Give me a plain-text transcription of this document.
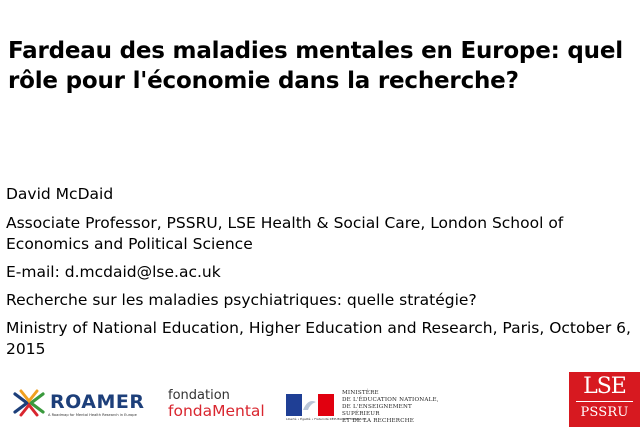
Fardeau des maladies mentales en Europe: quel
rôle pour l'économie dans la recherche?

David McDaid

Associate Professor, PSSRU, LSE Health & Social Care, London School of Economics and Political Science

E-mail: d.mcdaid@lse.ac.uk

Recherche sur les maladies psychiatriques: quelle stratégie?

Ministry of National Education, Higher Education and Research, Paris, October 6, 2015

ROAMER
A Roadmap for Mental Health Research in Europe
fondation
fondaMental	Liberté • Égalité • Fraternité RÉPUBLIQUE FRANÇAISE
MINISTÈRE
DE L'ÉDUCATION NATIONALE,
DE L'ENSEIGNEMENT SUPÉRIEUR
ET DE LA RECHERCHE
LSE
PSSRU
